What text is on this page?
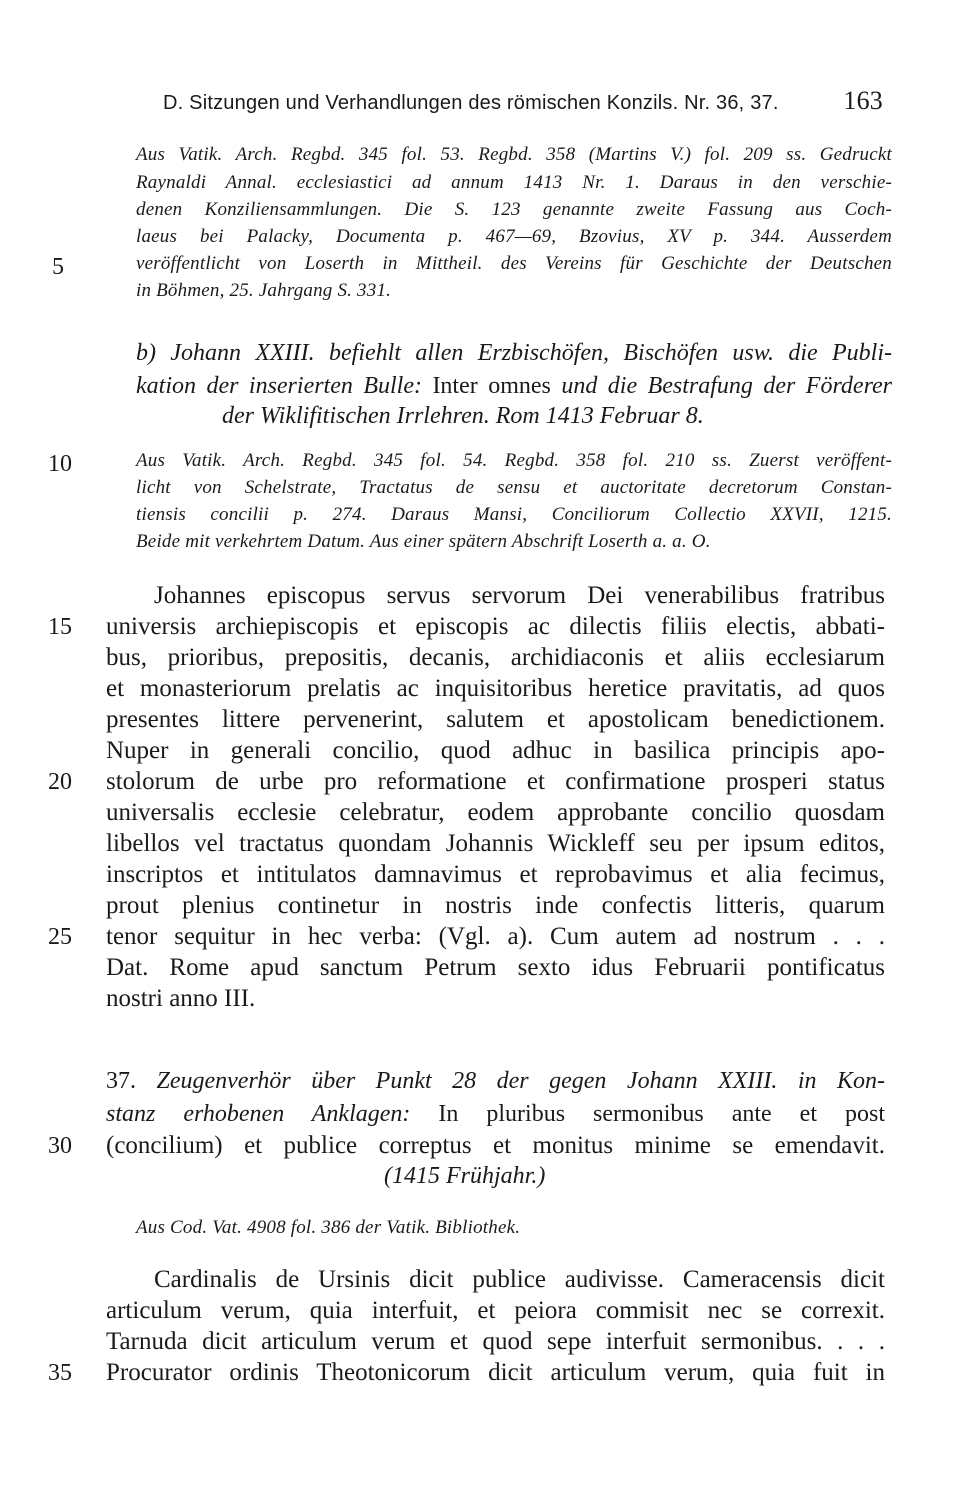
D. Sitzungen und Verhandlungen des römischen Konzils. Nr. 36, 37. 163
Aus Vatik. Arch. Regbd. 345 fol. 53. Regbd. 358 (Martins V.) fol. 209 ss. Gedruckt
Raynaldi Annal. ecclesiastici ad annum 1413 Nr. 1. Daraus in den verschie-
denen Konziliensammlungen. Die S. 123 genannte zweite Fassung aus Coch-
laeus bei Palacky, Documenta p. 467—69, Bzovius, XV p. 344. Ausserdem
veröffentlicht von Loserth in Mittheil. des Vereins für Geschichte der Deutschen
in Böhmen, 25. Jahrgang S. 331.
b) Johann XXIII. befiehlt allen Erzbischöfen, Bischöfen usw. die Publi-
kation der inserierten Bulle: Inter omnes und die Bestrafung der Förderer
der Wiklifitischen Irrlehren. Rom 1413 Februar 8.
Aus Vatik. Arch. Regbd. 345 fol. 54. Regbd. 358 fol. 210 ss. Zuerst veröffent-
licht von Schelstrate, Tractatus de sensu et auctoritate decretorum Constan-
tiensis concilii p. 274. Daraus Mansi, Conciliorum Collectio XXVII, 1215.
Beide mit verkehrtem Datum. Aus einer spätern Abschrift Loserth a. a. O.
Johannes episcopus servus servorum Dei venerabilibus fratribus
universis archiepiscopis et episcopis ac dilectis filiis electis, abbati-
bus, prioribus, prepositis, decanis, archidiaconis et aliis ecclesiarum
et monasteriorum prelatis ac inquisitoribus heretice pravitatis, ad quos
presentes littere pervenerint, salutem et apostolicam benedictionem.
Nuper in generali concilio, quod adhuc in basilica principis apo-
stolorum de urbe pro reformatione et confirmatione prosperi status
universalis ecclesie celebratur, eodem approbante concilio quosdam
libellos vel tractatus quondam Johannis Wickleff seu per ipsum editos,
inscriptos et intitulatos damnavimus et reprobavimus et alia fecimus,
prout plenius continetur in nostris inde confectis litteris, quarum
tenor sequitur in hec verba: (Vgl. a). Cum autem ad nostrum . . .
Dat. Rome apud sanctum Petrum sexto idus Februarii pontificatus
nostri anno III.
37. Zeugenverhör über Punkt 28 der gegen Johann XXIII. in Kon-
stanz erhobenen Anklagen: In pluribus sermonibus ante et post
(concilium) et publice correptus et monitus minime se emendavit.
(1415 Frühjahr.)
Aus Cod. Vat. 4908 fol. 386 der Vatik. Bibliothek.
Cardinalis de Ursinis dicit publice audivisse. Cameracensis dicit
articulum verum, quia interfuit, et peiora commisit nec se correxit.
Tarnuda dicit articulum verum et quod sepe interfuit sermonibus. . . .
Procurator ordinis Theotonicorum dicit articulum verum, quia fuit in
5
10
15
20
25
30
35
